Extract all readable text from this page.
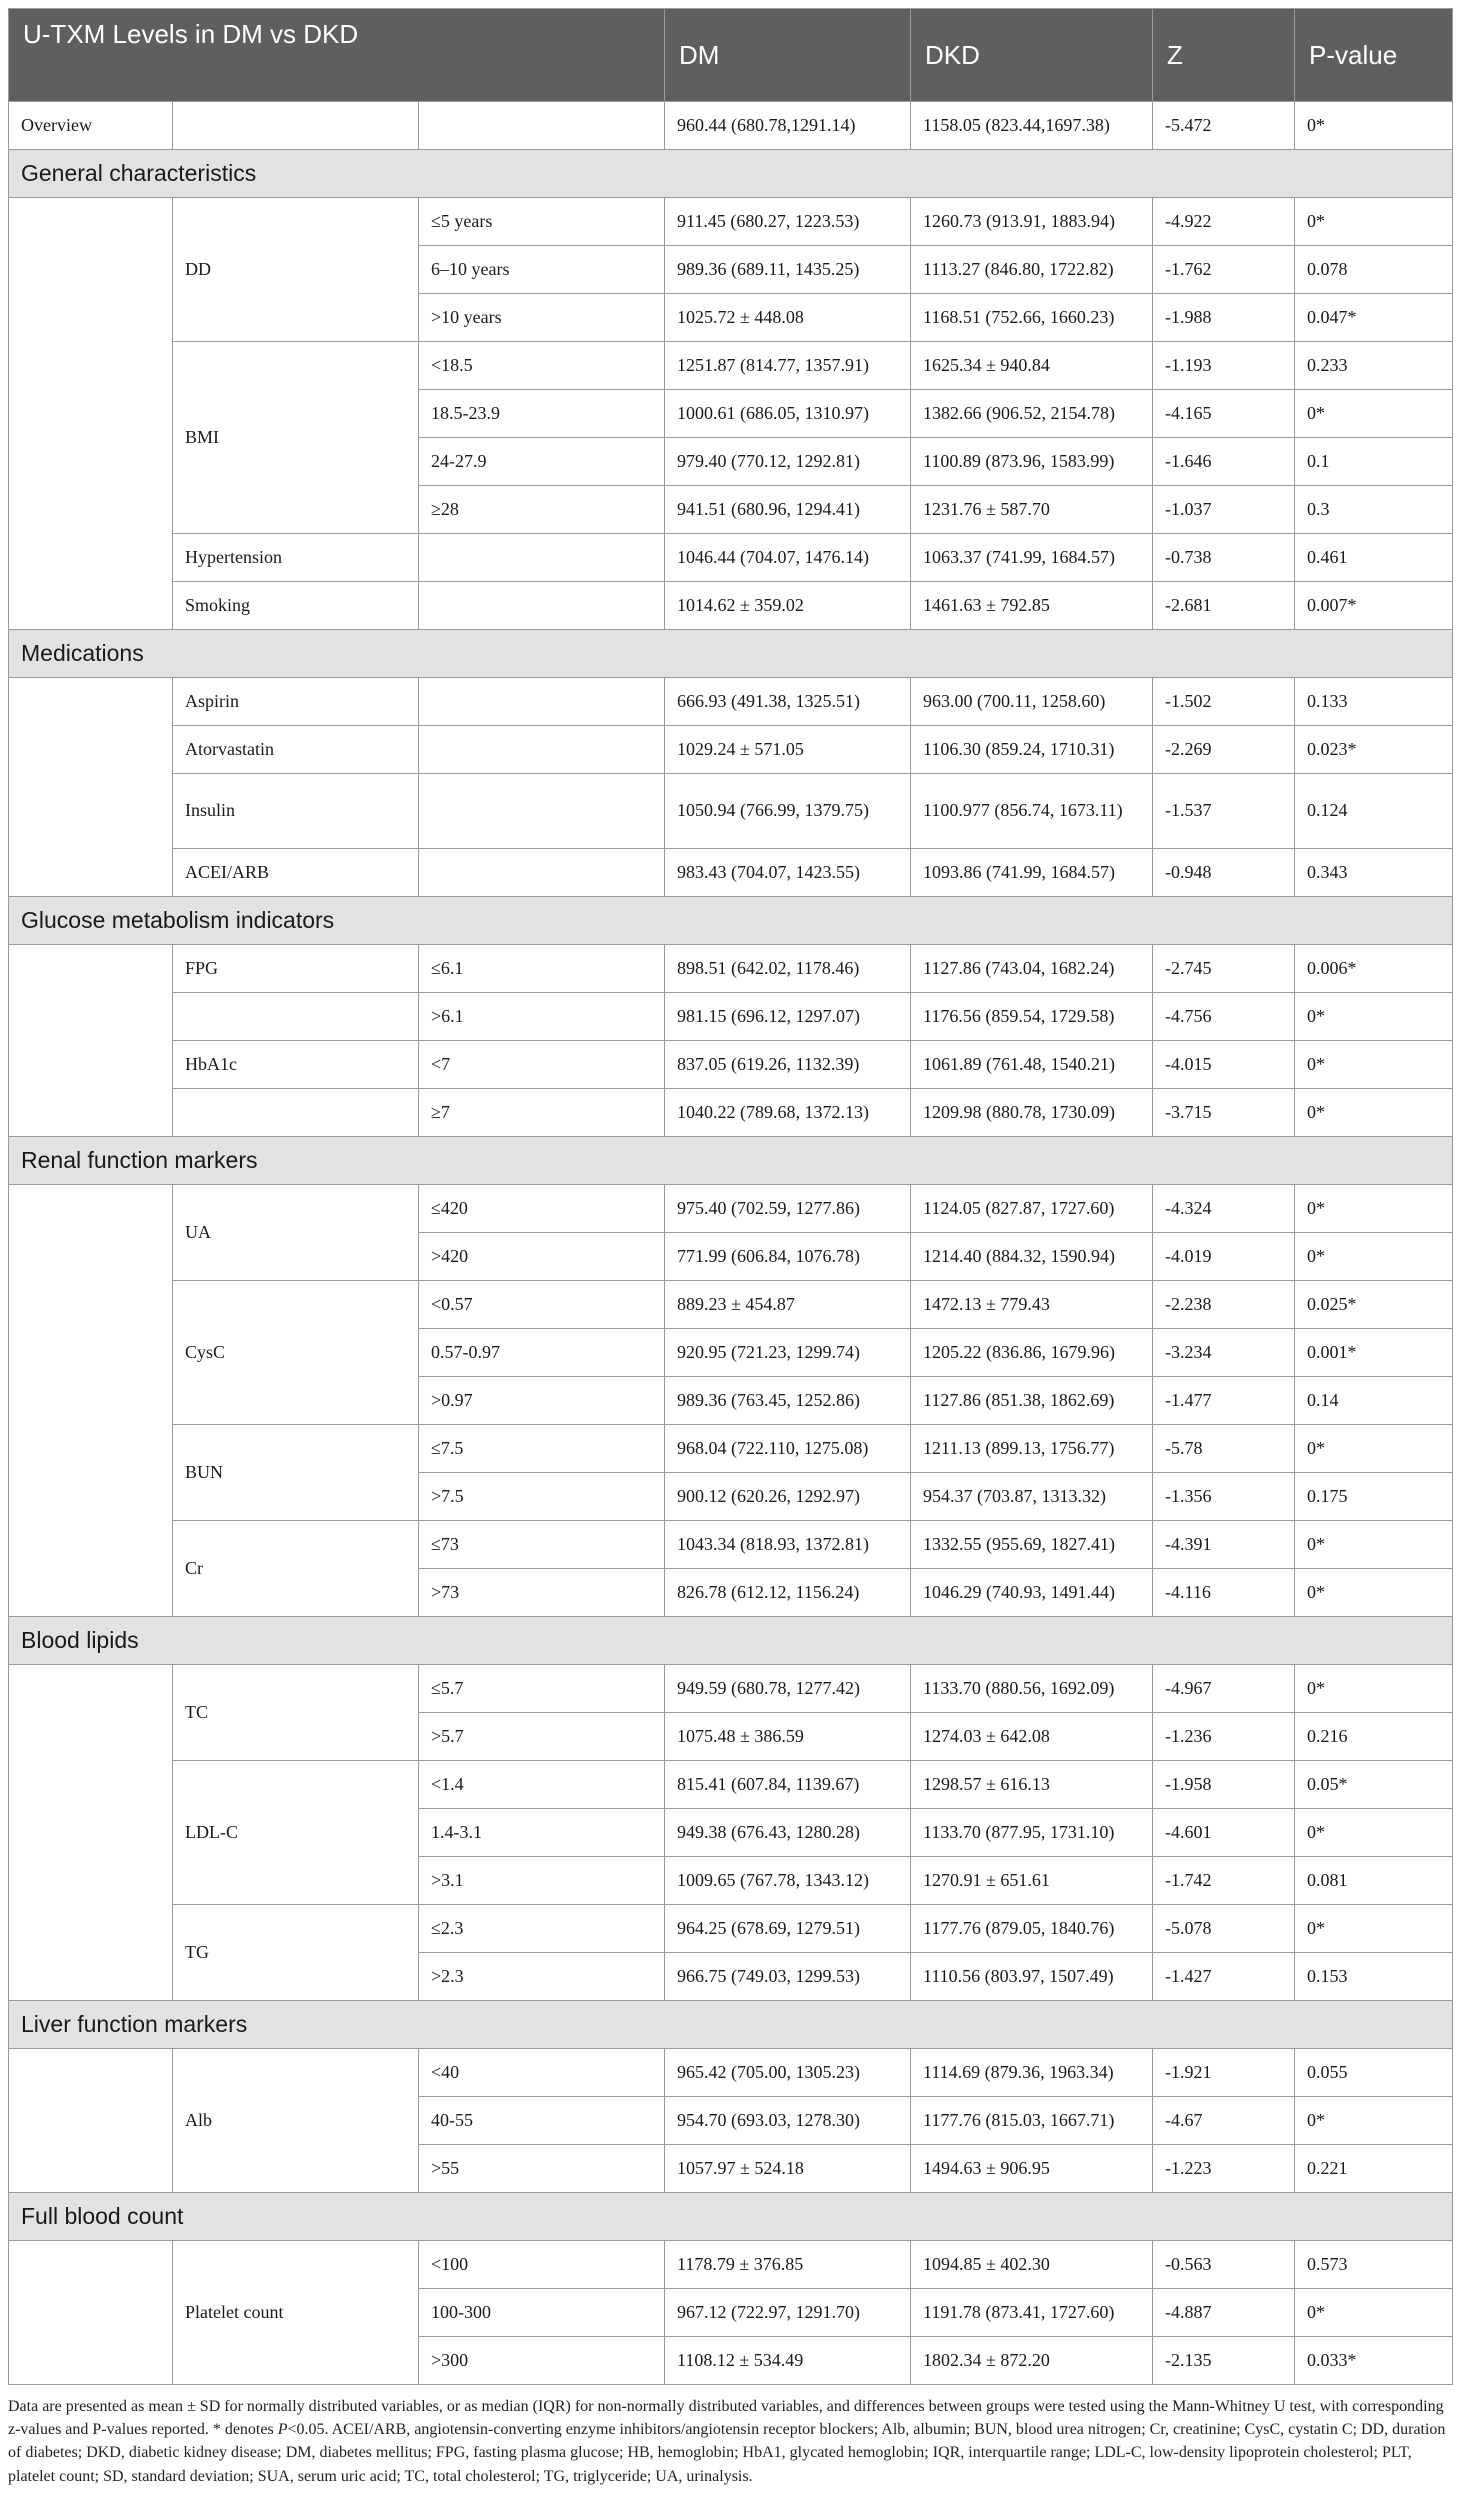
U-TXM Levels in DM vs DKD			DM	DKD	Z	P-value
Overview			960.44 (680.78,1291.14)	1158.05 (823.44,1697.38)	-5.472	0*
General characteristics						
	DD	≤5 years	911.45 (680.27, 1223.53)	1260.73 (913.91, 1883.94)	-4.922	0*
		6–10 years	989.36 (689.11, 1435.25)	1113.27 (846.80, 1722.82)	-1.762	0.078
		>10 years	1025.72 ± 448.08	1168.51 (752.66, 1660.23)	-1.988	0.047*
	BMI	<18.5	1251.87 (814.77, 1357.91)	1625.34 ± 940.84	-1.193	0.233
		18.5-23.9	1000.61 (686.05, 1310.97)	1382.66 (906.52, 2154.78)	-4.165	0*
		24-27.9	979.40 (770.12, 1292.81)	1100.89 (873.96, 1583.99)	-1.646	0.1
		≥28	941.51 (680.96, 1294.41)	1231.76 ± 587.70	-1.037	0.3
	Hypertension		1046.44 (704.07, 1476.14)	1063.37 (741.99, 1684.57)	-0.738	0.461
	Smoking		1014.62 ± 359.02	1461.63 ± 792.85	-2.681	0.007*
Medications						
	Aspirin		666.93 (491.38, 1325.51)	963.00 (700.11, 1258.60)	-1.502	0.133
	Atorvastatin		1029.24 ± 571.05	1106.30 (859.24, 1710.31)	-2.269	0.023*
	Insulin		1050.94 (766.99, 1379.75)	1100.977 (856.74, 1673.11)	-1.537	0.124
	ACEI/ARB		983.43 (704.07, 1423.55)	1093.86 (741.99, 1684.57)	-0.948	0.343
Glucose metabolism indicators						
	FPG	≤6.1	898.51 (642.02, 1178.46)	1127.86 (743.04, 1682.24)	-2.745	0.006*
		>6.1	981.15 (696.12, 1297.07)	1176.56 (859.54, 1729.58)	-4.756	0*
	HbA1c	<7	837.05 (619.26, 1132.39)	1061.89 (761.48, 1540.21)	-4.015	0*
		≥7	1040.22 (789.68, 1372.13)	1209.98 (880.78, 1730.09)	-3.715	0*
Renal function markers						
	UA	≤420	975.40 (702.59, 1277.86)	1124.05 (827.87, 1727.60)	-4.324	0*
		>420	771.99 (606.84, 1076.78)	1214.40 (884.32, 1590.94)	-4.019	0*
	CysC	<0.57	889.23 ± 454.87	1472.13 ± 779.43	-2.238	0.025*
		0.57-0.97	920.95 (721.23, 1299.74)	1205.22 (836.86, 1679.96)	-3.234	0.001*
		>0.97	989.36 (763.45, 1252.86)	1127.86 (851.38, 1862.69)	-1.477	0.14
	BUN	≤7.5	968.04 (722.110, 1275.08)	1211.13 (899.13, 1756.77)	-5.78	0*
		>7.5	900.12 (620.26, 1292.97)	954.37 (703.87, 1313.32)	-1.356	0.175
	Cr	≤73	1043.34 (818.93, 1372.81)	1332.55 (955.69, 1827.41)	-4.391	0*
		>73	826.78 (612.12, 1156.24)	1046.29 (740.93, 1491.44)	-4.116	0*
Blood lipids						
	TC	≤5.7	949.59 (680.78, 1277.42)	1133.70 (880.56, 1692.09)	-4.967	0*
		>5.7	1075.48 ± 386.59	1274.03 ± 642.08	-1.236	0.216
	LDL-C	<1.4	815.41 (607.84, 1139.67)	1298.57 ± 616.13	-1.958	0.05*
		1.4-3.1	949.38 (676.43, 1280.28)	1133.70 (877.95, 1731.10)	-4.601	0*
		>3.1	1009.65 (767.78, 1343.12)	1270.91 ± 651.61	-1.742	0.081
	TG	≤2.3	964.25 (678.69, 1279.51)	1177.76 (879.05, 1840.76)	-5.078	0*
		>2.3	966.75 (749.03, 1299.53)	1110.56 (803.97, 1507.49)	-1.427	0.153
Liver function markers						
	Alb	<40	965.42 (705.00, 1305.23)	1114.69 (879.36, 1963.34)	-1.921	0.055
		40-55	954.70 (693.03, 1278.30)	1177.76 (815.03, 1667.71)	-4.67	0*
		>55	1057.97 ± 524.18	1494.63 ± 906.95	-1.223	0.221
Full blood count						
	Platelet count	<100	1178.79 ± 376.85	1094.85 ± 402.30	-0.563	0.573
		100-300	967.12 (722.97, 1291.70)	1191.78 (873.41, 1727.60)	-4.887	0*
		>300	1108.12 ± 534.49	1802.34 ± 872.20	-2.135	0.033*
Data are presented as mean ± SD for normally distributed variables, or as median (IQR) for non-normally distributed variables, and differences between groups were tested using the Mann-Whitney U test, with corresponding z-values and P-values reported. * denotes P<0.05. ACEI/ARB, angiotensin-converting enzyme inhibitors/angiotensin receptor blockers; Alb, albumin; BUN, blood urea nitrogen; Cr, creatinine; CysC, cystatin C; DD, duration of diabetes; DKD, diabetic kidney disease; DM, diabetes mellitus; FPG, fasting plasma glucose; HB, hemoglobin; HbA1, glycated hemoglobin; IQR, interquartile range; LDL-C, low-density lipoprotein cholesterol; PLT, platelet count; SD, standard deviation; SUA, serum uric acid; TC, total cholesterol; TG, triglyceride; UA, urinalysis.
